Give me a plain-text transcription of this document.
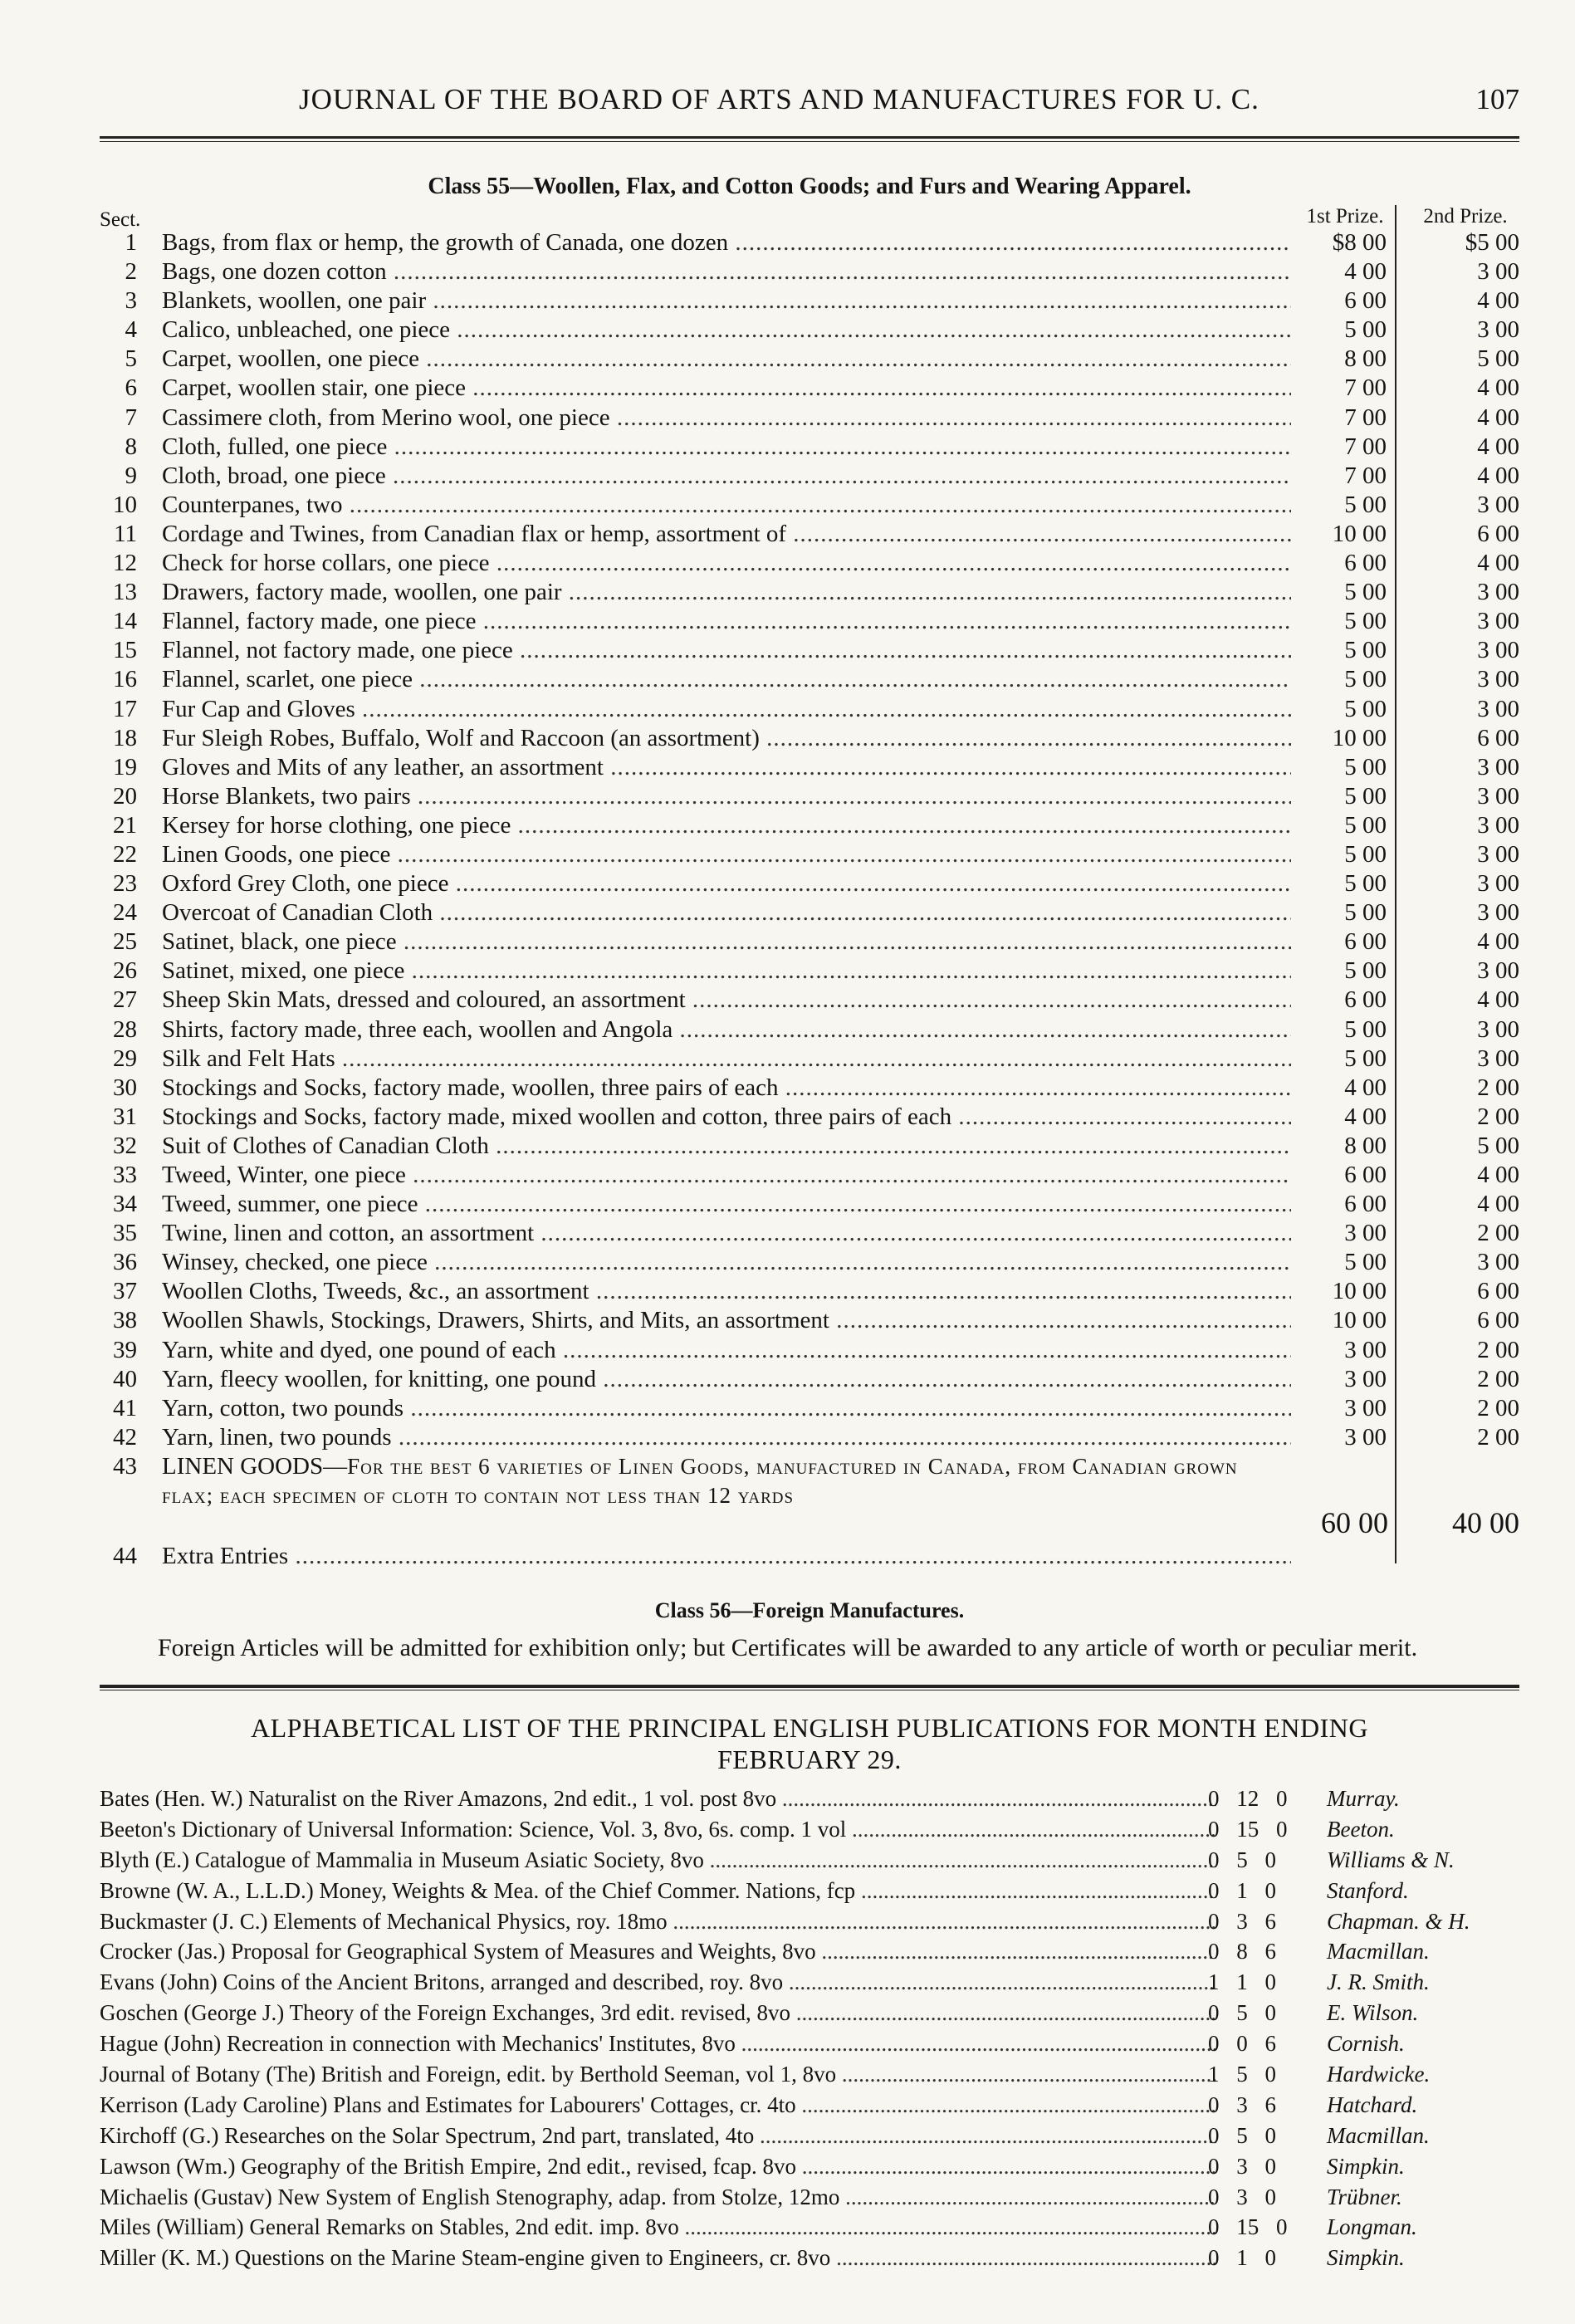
JOURNAL OF THE BOARD OF ARTS AND MANUFACTURES FOR U. C.	107
Class 55—Woollen, Flax, and Cotton Goods; and Furs and Wearing Apparel.
Sect.	1st Prize.	2nd Prize.
1 Bags, from flax or hemp, the growth of Canada, one dozen .....	$8 00	$5 00
2 Bags, one dozen cotton .....	4 00	3 00
3 Blankets, woollen, one pair .....	6 00	4 00
4 Calico, unbleached, one piece .....	5 00	3 00
5 Carpet, woollen, one piece .....	8 00	5 00
6 Carpet, woollen stair, one piece .....	7 00	4 00
7 Cassimere cloth, from Merino wool, one piece .....	7 00	4 00
8 Cloth, fulled, one piece .....	7 00	4 00
9 Cloth, broad, one piece .....	7 00	4 00
10 Counterpanes, two .....	5 00	3 00
11 Cordage and Twines, from Canadian flax or hemp, assortment of .....	10 00	6 00
12 Check for horse collars, one piece .....	6 00	4 00
13 Drawers, factory made, woollen, one pair .....	5 00	3 00
14 Flannel, factory made, one piece .....	5 00	3 00
15 Flannel, not factory made, one piece .....	5 00	3 00
16 Flannel, scarlet, one piece .....	5 00	3 00
17 Fur Cap and Gloves .....	5 00	3 00
18 Fur Sleigh Robes, Buffalo, Wolf and Raccoon (an assortment) .....	10 00	6 00
19 Gloves and Mits of any leather, an assortment .....	5 00	3 00
20 Horse Blankets, two pairs .....	5 00	3 00
21 Kersey for horse clothing, one piece .....	5 00	3 00
22 Linen Goods, one piece .....	5 00	3 00
23 Oxford Grey Cloth, one piece .....	5 00	3 00
24 Overcoat of Canadian Cloth .....	5 00	3 00
25 Satinet, black, one piece .....	6 00	4 00
26 Satinet, mixed, one piece .....	5 00	3 00
27 Sheep Skin Mats, dressed and coloured, an assortment .....	6 00	4 00
28 Shirts, factory made, three each, woollen and Angola .....	5 00	3 00
29 Silk and Felt Hats .....	5 00	3 00
30 Stockings and Socks, factory made, woollen, three pairs of each .....	4 00	2 00
31 Stockings and Socks, factory made, mixed woollen and cotton, three pairs of each .....	4 00	2 00
32 Suit of Clothes of Canadian Cloth .....	8 00	5 00
33 Tweed, Winter, one piece .....	6 00	4 00
34 Tweed, summer, one piece .....	6 00	4 00
35 Twine, linen and cotton, an assortment .....	3 00	2 00
36 Winsey, checked, one piece .....	5 00	3 00
37 Woollen Cloths, Tweeds, &c., an assortment .....	10 00	6 00
38 Woollen Shawls, Stockings, Drawers, Shirts, and Mits, an assortment .....	10 00	6 00
39 Yarn, white and dyed, one pound of each .....	3 00	2 00
40 Yarn, fleecy woollen, for knitting, one pound .....	3 00	2 00
41 Yarn, cotton, two pounds .....	3 00	2 00
42 Yarn, linen, two pounds .....	3 00	2 00
43 LINEN GOODS—For the best 6 varieties of Linen Goods, manufactured in Canada, from Canadian grown flax; each specimen of cloth to contain not less than 12 yards
60 00	40 00
44 Extra Entries .....
Class 56—Foreign Manufactures.

Foreign Articles will be admitted for exhibition only; but Certificates will be awarded to any article of worth or peculiar merit.

ALPHABETICAL LIST OF THE PRINCIPAL ENGLISH PUBLICATIONS FOR MONTH ENDING
FEBRUARY 29.
Bates (Hen. W.) Naturalist on the River Amazons, 2nd edit., 1 vol. post 8vo .....	0 12 0	Murray.
Beeton's Dictionary of Universal Information: Science, Vol. 3, 8vo, 6s. comp. 1 vol .....	0 15 0	Beeton.
Blyth (E.) Catalogue of Mammalia in Museum Asiatic Society, 8vo .....	0 5 0	Williams & N.
Browne (W. A., L.L.D.) Money, Weights & Mea. of the Chief Commer. Nations, fcp .....	0 1 0	Stanford.
Buckmaster (J. C.) Elements of Mechanical Physics, roy. 18mo .....	0 3 6	Chapman. & H.
Crocker (Jas.) Proposal for Geographical System of Measures and Weights, 8vo .....	0 8 6	Macmillan.
Evans (John) Coins of the Ancient Britons, arranged and described, roy. 8vo .....	1 1 0	J. R. Smith.
Goschen (George J.) Theory of the Foreign Exchanges, 3rd edit. revised, 8vo .....	0 5 0	E. Wilson.
Hague (John) Recreation in connection with Mechanics' Institutes, 8vo .....	0 0 6	Cornish.
Journal of Botany (The) British and Foreign, edit. by Berthold Seeman, vol 1, 8vo .....	1 5 0	Hardwicke.
Kerrison (Lady Caroline) Plans and Estimates for Labourers' Cottages, cr. 4to .....	0 3 6	Hatchard.
Kirchoff (G.) Researches on the Solar Spectrum, 2nd part, translated, 4to .....	0 5 0	Macmillan.
Lawson (Wm.) Geography of the British Empire, 2nd edit., revised, fcap. 8vo .....	0 3 0	Simpkin.
Michaelis (Gustav) New System of English Stenography, adap. from Stolze, 12mo .....	0 3 0	Trübner.
Miles (William) General Remarks on Stables, 2nd edit. imp. 8vo .....	0 15 0	Longman.
Miller (K. M.) Questions on the Marine Steam-engine given to Engineers, cr. 8vo .....	0 1 0	Simpkin.
